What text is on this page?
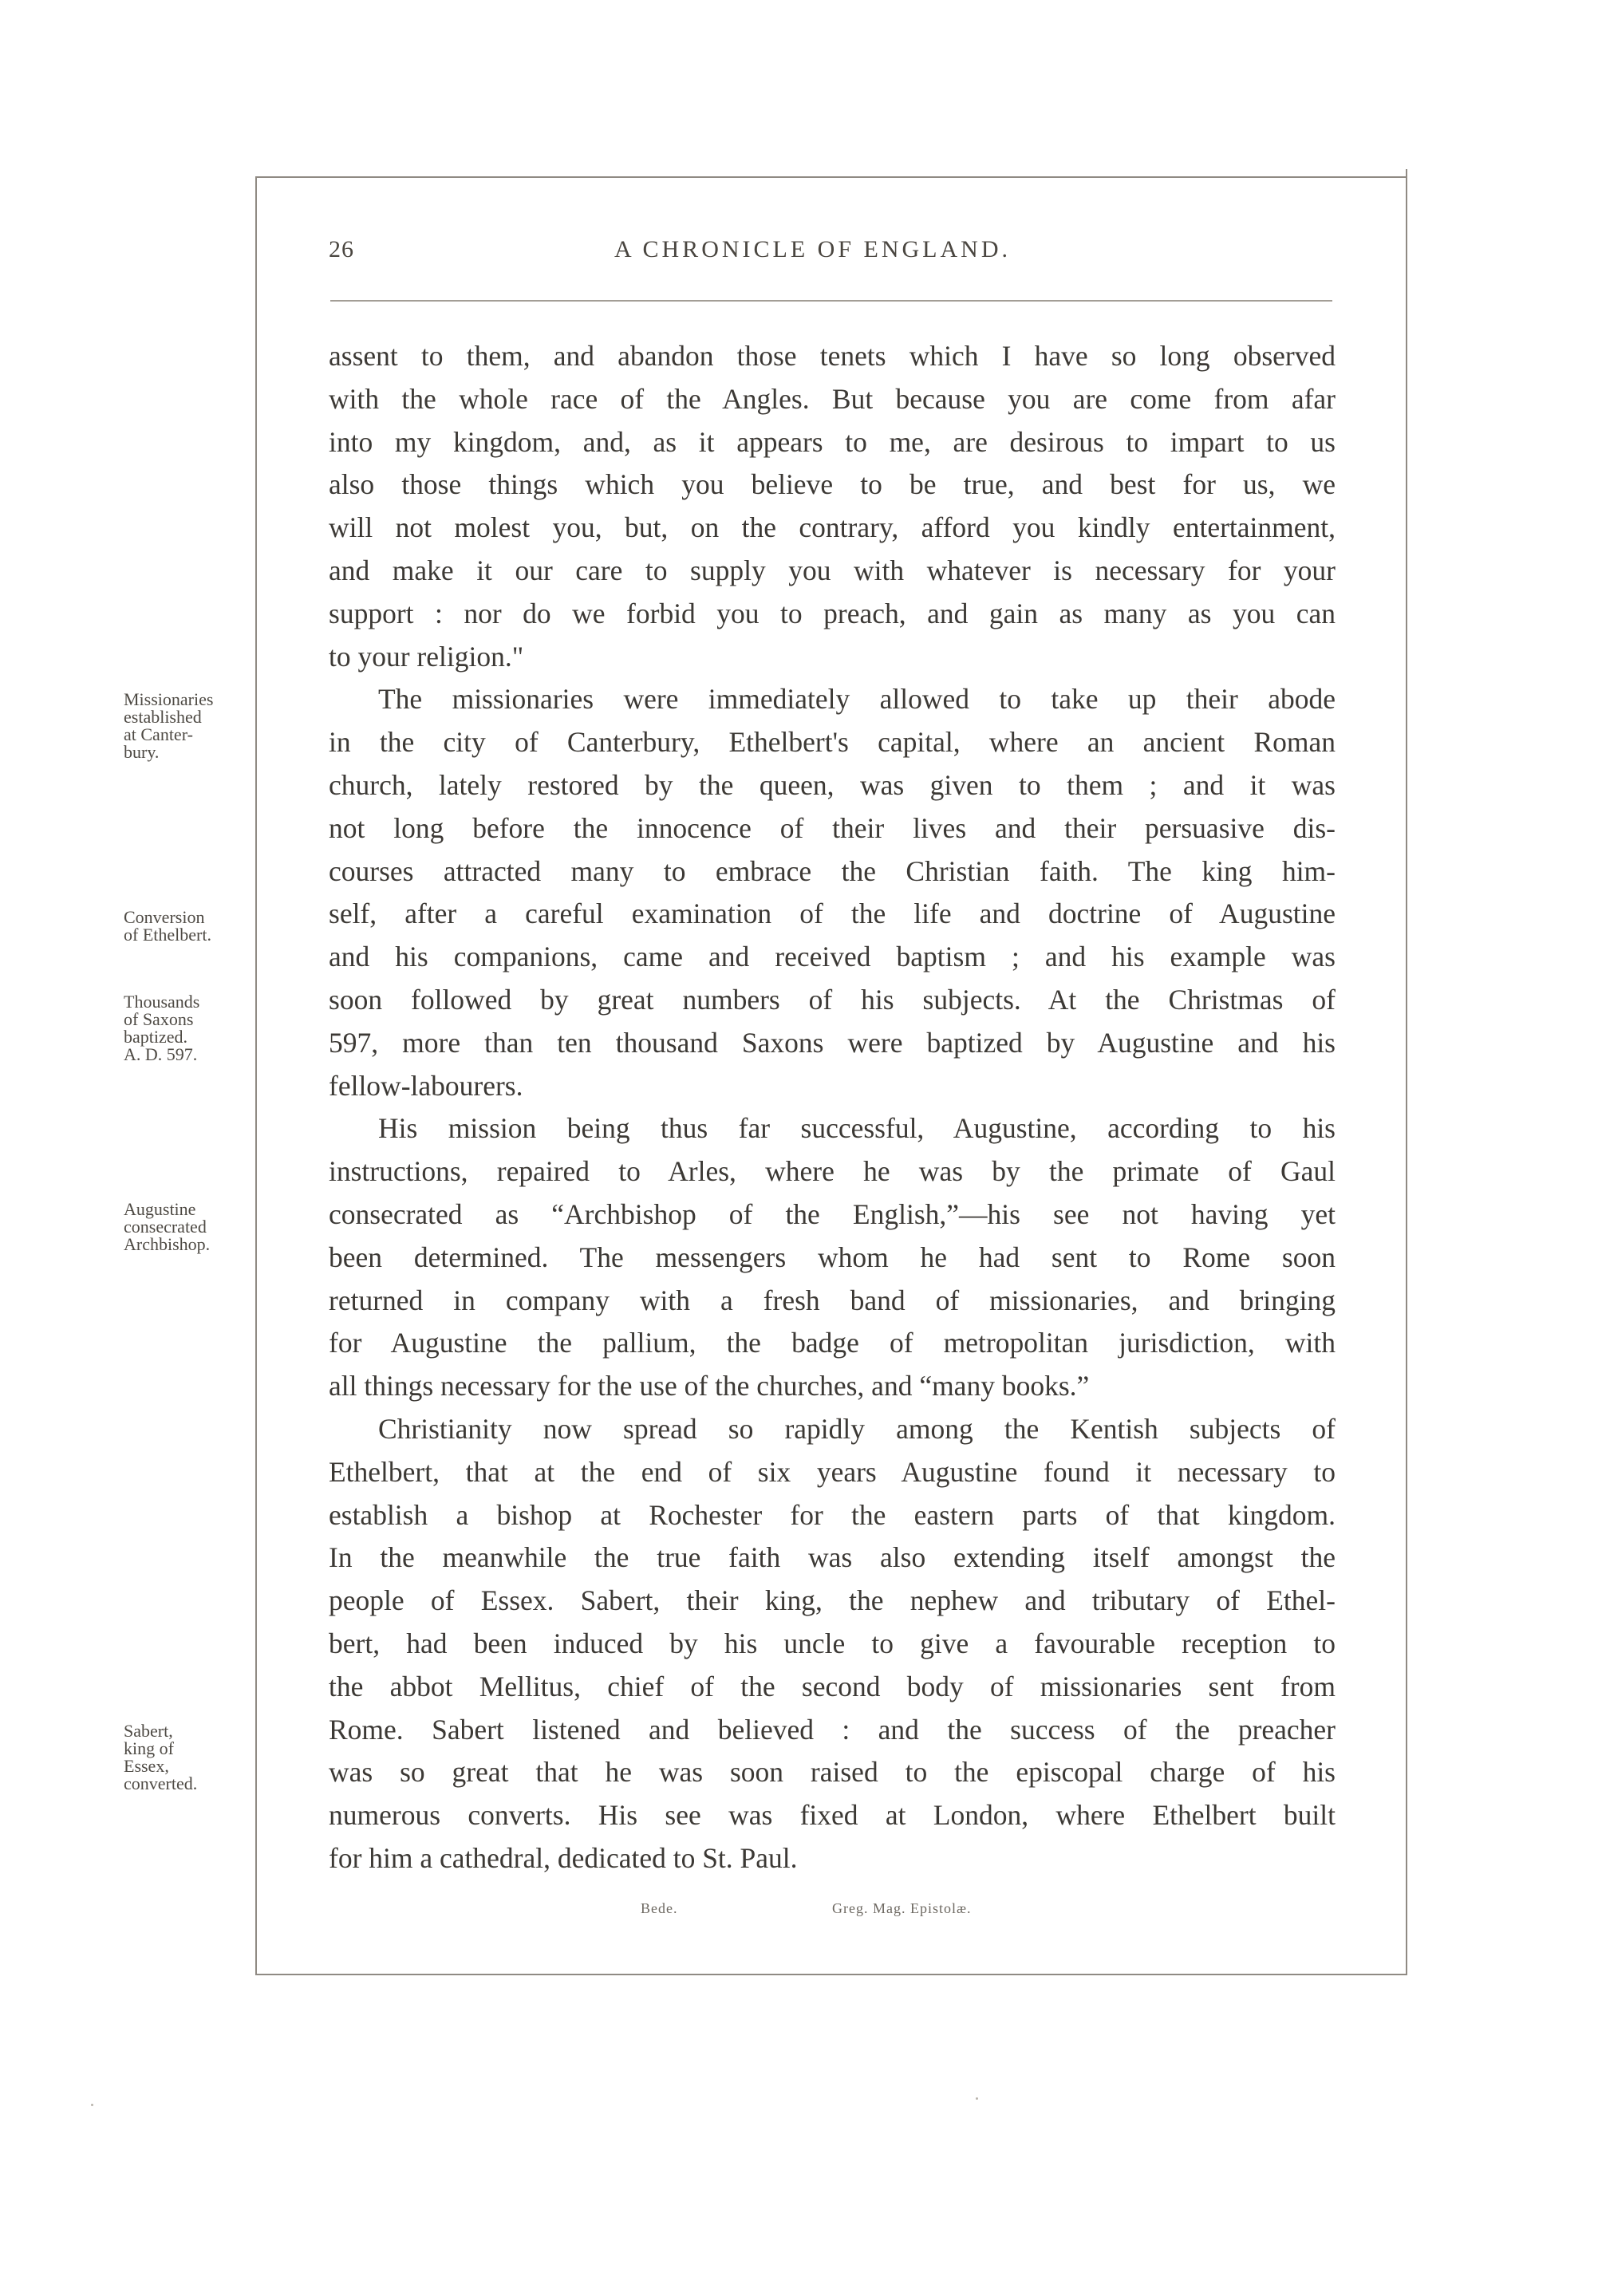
26	A CHRONICLE OF ENGLAND.
Missionaries
established
at Canter-
bury.
Conversion
of Ethelbert.
Thousands
of Saxons
baptized.
A. D. 597.
Augustine
consecrated
Archbishop.
Sabert,
king of
Essex,
converted.
assent to them, and abandon those tenets which I have so long observed
with the whole race of the Angles. But because you are come from afar
into my kingdom, and, as it appears to me, are desirous to impart to us
also those things which you believe to be true, and best for us, we
will not molest you, but, on the contrary, afford you kindly entertainment,
and make it our care to supply you with whatever is necessary for your
support : nor do we forbid you to preach, and gain as many as you can
to your religion."
The missionaries were immediately allowed to take up their abode
in the city of Canterbury, Ethelbert's capital, where an ancient Roman
church, lately restored by the queen, was given to them ; and it was
not long before the innocence of their lives and their persuasive dis-
courses attracted many to embrace the Christian faith. The king him-
self, after a careful examination of the life and doctrine of Augustine
and his companions, came and received baptism ; and his example was
soon followed by great numbers of his subjects. At the Christmas of
597, more than ten thousand Saxons were baptized by Augustine and his
fellow-labourers.
His mission being thus far successful, Augustine, according to his
instructions, repaired to Arles, where he was by the primate of Gaul
consecrated as “Archbishop of the English,”—his see not having yet
been determined. The messengers whom he had sent to Rome soon
returned in company with a fresh band of missionaries, and bringing
for Augustine the pallium, the badge of metropolitan jurisdiction, with
all things necessary for the use of the churches, and “many books.”
Christianity now spread so rapidly among the Kentish subjects of
Ethelbert, that at the end of six years Augustine found it necessary to
establish a bishop at Rochester for the eastern parts of that kingdom.
In the meanwhile the true faith was also extending itself amongst the
people of Essex. Sabert, their king, the nephew and tributary of Ethel-
bert, had been induced by his uncle to give a favourable reception to
the abbot Mellitus, chief of the second body of missionaries sent from
Rome. Sabert listened and believed : and the success of the preacher
was so great that he was soon raised to the episcopal charge of his
numerous converts. His see was fixed at London, where Ethelbert built
for him a cathedral, dedicated to St. Paul.
Bede.	Greg. Mag. Epistolæ.
